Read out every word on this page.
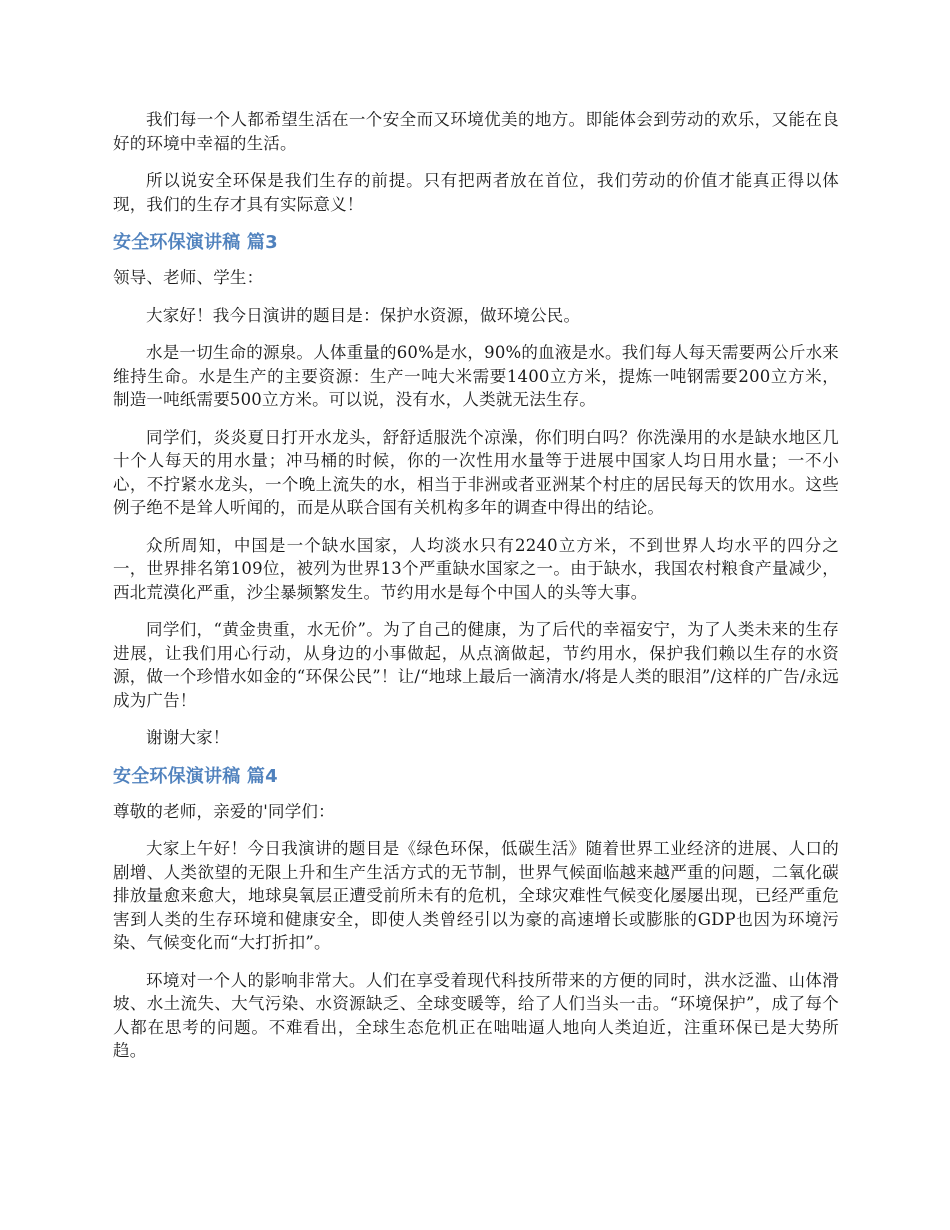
我们每一个人都希望生活在一个安全而又环境优美的地方。即能体会到劳动的欢乐，又能在良好的环境中幸福的生活。

所以说安全环保是我们生存的前提。只有把两者放在首位，我们劳动的价值才能真正得以体现，我们的生存才具有实际意义！

安全环保演讲稿 篇3

领导、老师、学生：

大家好！我今日演讲的题目是：保护水资源，做环境公民。

水是一切生命的源泉。人体重量的60%是水，90%的血液是水。我们每人每天需要两公斤水来维持生命。水是生产的主要资源：生产一吨大米需要1400立方米，提炼一吨钢需要200立方米，制造一吨纸需要500立方米。可以说，没有水，人类就无法生存。

同学们，炎炎夏日打开水龙头，舒舒适服洗个凉澡，你们明白吗？你洗澡用的水是缺水地区几十个人每天的用水量；冲马桶的时候，你的一次性用水量等于进展中国家人均日用水量；一不小心，不拧紧水龙头，一个晚上流失的水，相当于非洲或者亚洲某个村庄的居民每天的饮用水。这些例子绝不是耸人听闻的，而是从联合国有关机构多年的调查中得出的结论。

众所周知，中国是一个缺水国家，人均淡水只有2240立方米，不到世界人均水平的四分之一，世界排名第109位，被列为世界13个严重缺水国家之一。由于缺水，我国农村粮食产量减少，西北荒漠化严重，沙尘暴频繁发生。节约用水是每个中国人的头等大事。

同学们，“黄金贵重，水无价”。为了自己的健康，为了后代的幸福安宁，为了人类未来的生存进展，让我们用心行动，从身边的小事做起，从点滴做起，节约用水，保护我们赖以生存的水资源，做一个珍惜水如金的“环保公民”！让/“地球上最后一滴清水/将是人类的眼泪”/这样的广告/永远成为广告！

谢谢大家！

安全环保演讲稿 篇4

尊敬的老师，亲爱的'同学们：

大家上午好！今日我演讲的题目是《绿色环保，低碳生活》随着世界工业经济的进展、人口的剧增、人类欲望的无限上升和生产生活方式的无节制，世界气候面临越来越严重的问题，二氧化碳排放量愈来愈大，地球臭氧层正遭受前所未有的危机，全球灾难性气候变化屡屡出现，已经严重危害到人类的生存环境和健康安全，即使人类曾经引以为豪的高速增长或膨胀的GDP也因为环境污染、气候变化而“大打折扣”。

环境对一个人的影响非常大。人们在享受着现代科技所带来的方便的同时，洪水泛滥、山体滑坡、水土流失、大气污染、水资源缺乏、全球变暖等，给了人们当头一击。“环境保护”，成了每个人都在思考的问题。不难看出，全球生态危机正在咄咄逼人地向人类迫近，注重环保已是大势所趋。
